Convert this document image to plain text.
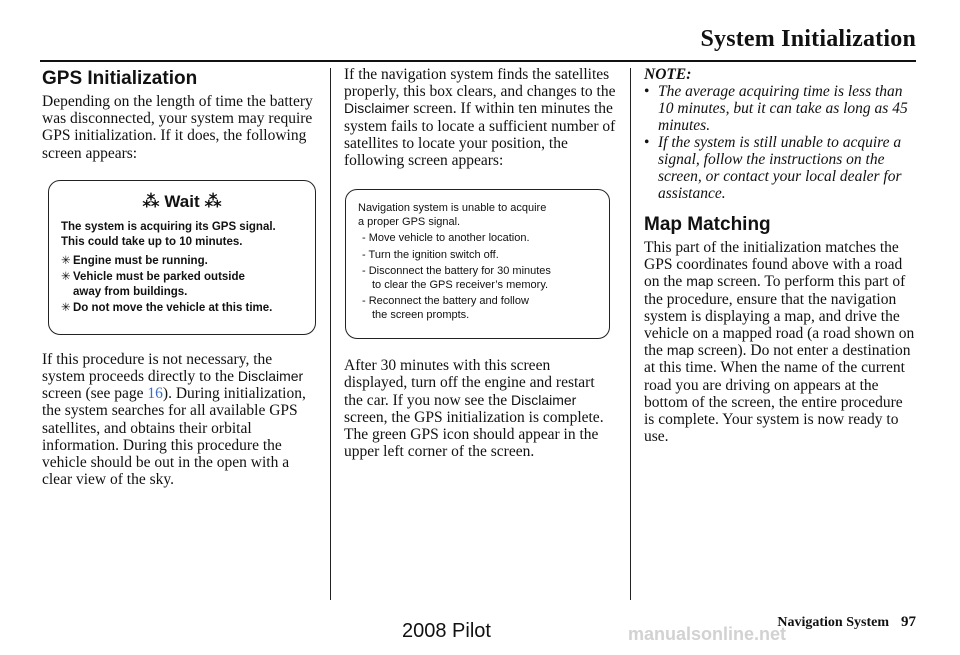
System Initialization
GPS Initialization

Depending on the length of time the battery was disconnected, your system may require GPS initialization. If it does, the following screen appears:

⁂ Wait ⁂
The system is acquiring its GPS signal.
This could take up to 10 minutes.
✳ Engine must be running.
✳ Vehicle must be parked outside
away from buildings.
✳ Do not move the vehicle at this time.

If this procedure is not necessary, the system proceeds directly to the Disclaimer screen (see page 16). During initialization, the system searches for all available GPS satellites, and obtains their orbital information. During this procedure the vehicle should be out in the open with a clear view of the sky.

If the navigation system finds the satellites properly, this box clears, and changes to the Disclaimer screen. If within ten minutes the system fails to locate a sufficient number of satellites to locate your position, the following screen appears:

Navigation system is unable to acquire
a proper GPS signal.
- Move vehicle to another location.
- Turn the ignition switch off.
- Disconnect the battery for 30 minutes
to clear the GPS receiver’s memory.
- Reconnect the battery and follow
the screen prompts.

After 30 minutes with this screen displayed, turn off the engine and restart the car. If you now see the Disclaimer screen, the GPS initialization is complete. The green GPS icon should appear in the upper left corner of the screen.

NOTE:
• The average acquiring time is less than 10 minutes, but it can take as long as 45 minutes.
• If the system is still unable to acquire a signal, follow the instructions on the screen, or contact your local dealer for assistance.
Map Matching

This part of the initialization matches the GPS coordinates found above with a road on the map screen. To perform this part of the procedure, ensure that the navigation system is displaying a map, and drive the vehicle on a mapped road (a road shown on the map screen). Do not enter a destination at this time. When the name of the current road you are driving on appears at the bottom of the screen, the entire procedure is complete. Your system is now ready to use.

Navigation System 97
2008 Pilot	manualsonline.net
